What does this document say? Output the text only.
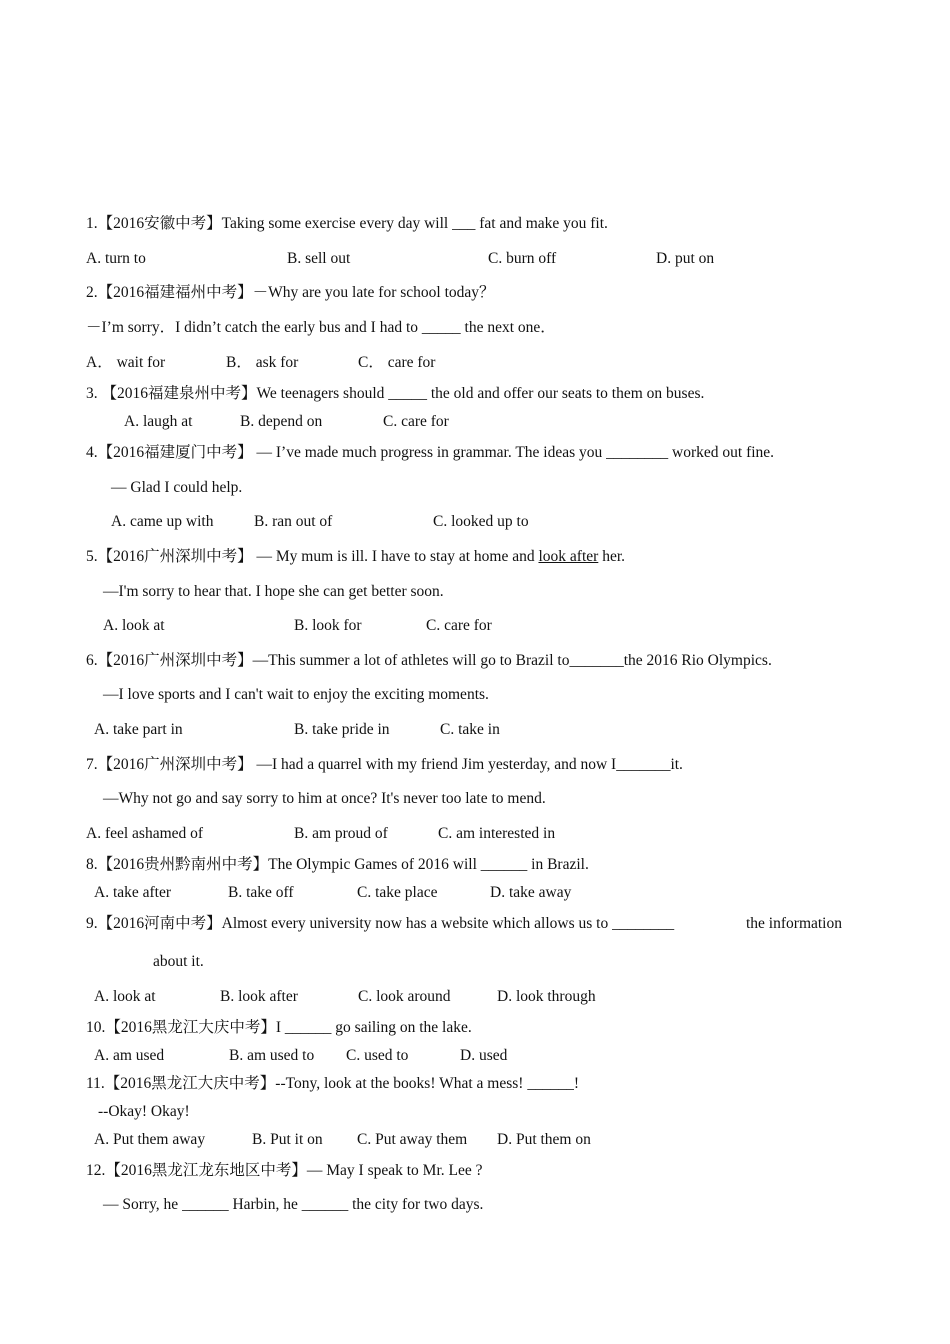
1.【2016安徽中考】Taking some exercise every day will ___ fat and make you fit.
A. turn to	B. sell out	C. burn off	D. put on
2.【2016福建福州中考】－Why are you late for school today？
－I’m sorry．I didn’t catch the early bus and I had to _____ the next one．
A． wait for	B． ask for	C． care for
3. 【2016福建泉州中考】We teenagers should _____ the old and offer our seats to them on buses.
A. laugh at	B. depend on	C. care for
4.【2016福建厦门中考】 — I’ve made much progress in grammar. The ideas you ________ worked out fine.
— Glad I could help.
A. came up with	B. ran out of	C. looked up to
5.【2016广州深圳中考】 — My mum is ill. I have to stay at home and look after her.
—I'm sorry to hear that. I hope she can get better soon.
A. look at	B. look for	C. care for
6.【2016广州深圳中考】—This summer a lot of athletes will go to Brazil to_______the 2016 Rio Olympics.
—I love sports and I can't wait to enjoy the exciting moments.
A. take part in	B. take pride in	C. take in
7.【2016广州深圳中考】 —I had a quarrel with my friend Jim yesterday, and now I_______it.
—Why not go and say sorry to him at once? It's never too late to mend.
A. feel ashamed of	B. am proud of	C. am interested in
8.【2016贵州黔南州中考】The Olympic Games of 2016 will ______ in Brazil.
A. take after	B. take off	C. take place	D. take away
9.【2016河南中考】Almost every university now has a website which allows us to ________	the information
about it.
A. look at	B. look after	C. look around	D. look through
10.【2016黑龙江大庆中考】I ______ go sailing on the lake.
A. am used	B. am used to C. used to	D. used
11.【2016黑龙江大庆中考】--Tony, look at the books! What a mess! ______!
--Okay! Okay!
A. Put them away	B. Put it on C. Put away them D. Put them on
12.【2016黑龙江龙东地区中考】— May I speak to Mr. Lee ?
— Sorry, he ______ Harbin, he ______ the city for two days.
